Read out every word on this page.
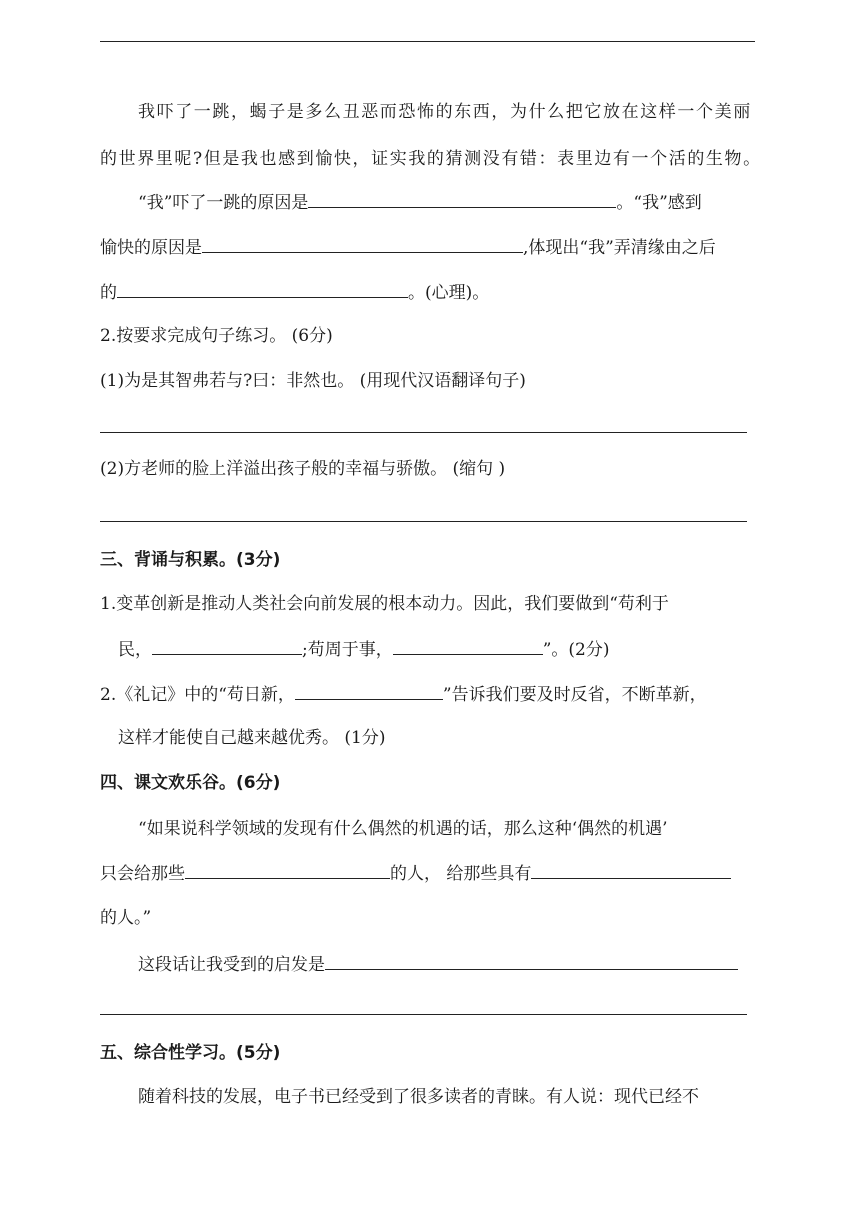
我吓了一跳，蝎子是多么丑恶而恐怖的东西，为什么把它放在这样一个美丽
的世界里呢?但是我也感到愉快，证实我的猜测没有错：表里边有一个活的生物。
“我”吓了一跳的原因是	。“我”感到
愉快的原因是	,体现出“我”弄清缘由之后
的	。(心理)。
2.按要求完成句子练习。 (6分)
(1)为是其智弗若与?曰：非然也。 (用现代汉语翻译句子)
(2)方老师的脸上洋溢出孩子般的幸福与骄傲。 (缩句 )
三、背诵与积累。(3分)
1.变革创新是推动人类社会向前发展的根本动力。因此，我们要做到“苟利于
民，	;苟周于事，	”。(2分)
2.《礼记》中的“苟日新，	”告诉我们要及时反省，不断革新，
这样才能使自己越来越优秀。 (1分)
四、课文欢乐谷。(6分)
“如果说科学领域的发现有什么偶然的机遇的话，那么这种‘偶然的机遇’
只会给那些	的人， 给那些具有
的人。”
这段话让我受到的启发是
五、综合性学习。(5分)
随着科技的发展，电子书已经受到了很多读者的青睐。有人说：现代已经不
